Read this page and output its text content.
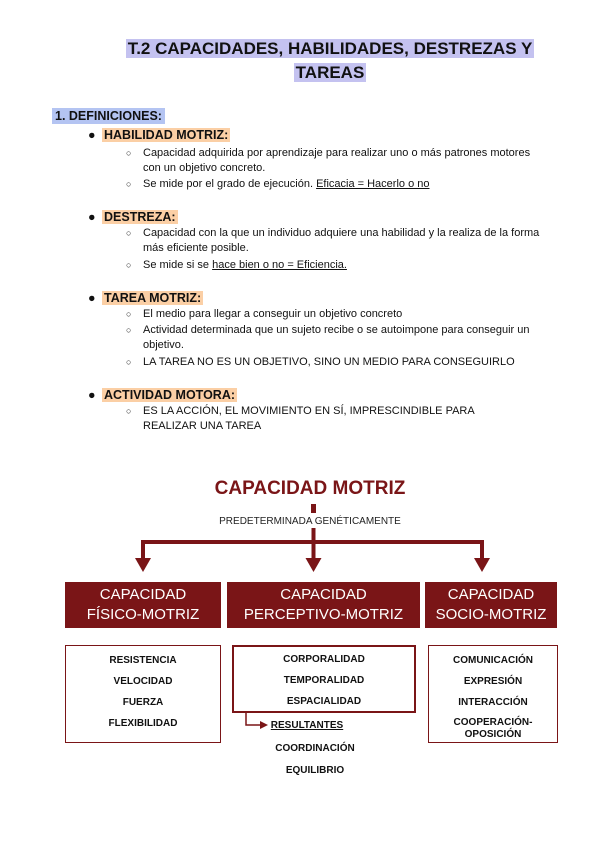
T.2 CAPACIDADES, HABILIDADES, DESTREZAS Y
TAREAS
1. DEFINICIONES:
● HABILIDAD MOTRIZ:
○ Capacidad adquirida por aprendizaje para realizar uno o más patrones motores con un objetivo concreto.
○ Se mide por el grado de ejecución. Eficacia = Hacerlo o no
● DESTREZA:
○ Capacidad con la que un individuo adquiere una habilidad y la realiza de la forma más eficiente posible.
○ Se mide si se hace bien o no = Eficiencia.
● TAREA MOTRIZ:
○ El medio para llegar a conseguir un objetivo concreto
○ Actividad determinada que un sujeto recibe o se autoimpone para conseguir un objetivo.
○ LA TAREA NO ES UN OBJETIVO, SINO UN MEDIO PARA CONSEGUIRLO
● ACTIVIDAD MOTORA:
○ ES LA ACCIÓN, EL MOVIMIENTO EN SÍ, IMPRESCINDIBLE PARA REALIZAR UNA TAREA
CAPACIDAD MOTRIZ
PREDETERMINADA GENÉTICAMENTE
CAPACIDAD
FÍSICO-MOTRIZ
CAPACIDAD
PERCEPTIVO-MOTRIZ
CAPACIDAD
SOCIO-MOTRIZ
RESISTENCIA
VELOCIDAD
FUERZA
FLEXIBILIDAD
CORPORALIDAD
TEMPORALIDAD
ESPACIALIDAD
COMUNICACIÓN
EXPRESIÓN
INTERACCIÓN
COOPERACIÓN-
OPOSICIÓN
RESULTANTES
COORDINACIÓN
EQUILIBRIO
